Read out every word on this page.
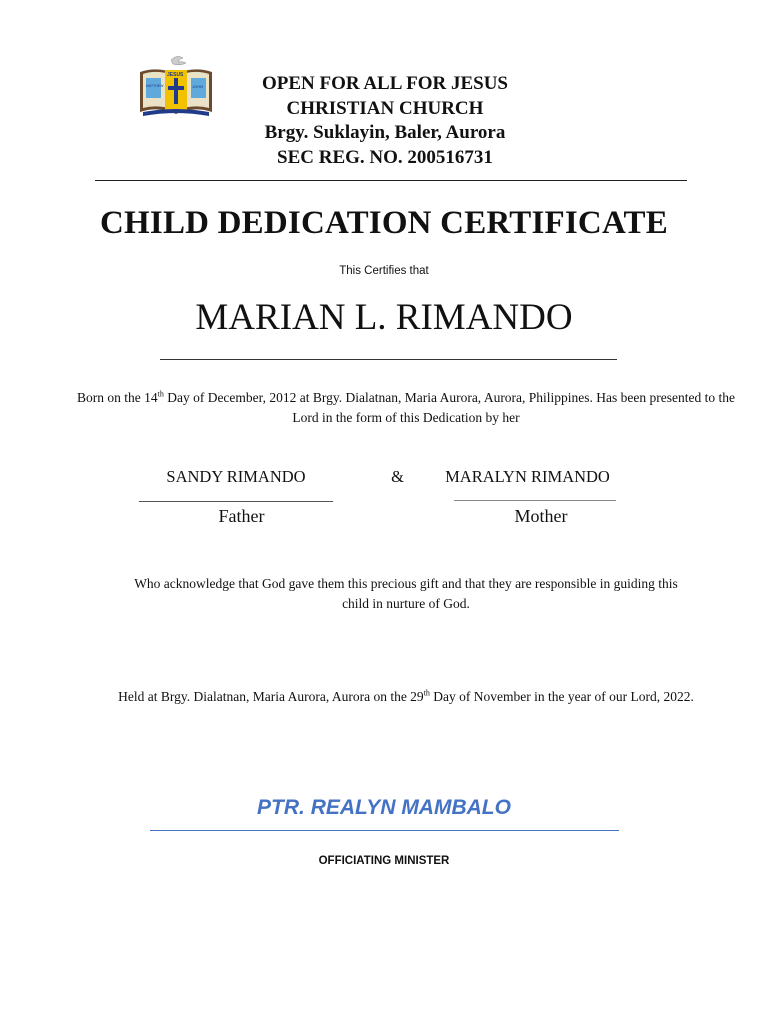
JESUS
MATTHEW	JOHN	OPEN FOR ALL FOR JESUS
CHRISTIAN CHURCH
Brgy. Suklayin, Baler, Aurora
SEC REG. NO. 200516731
CHILD DEDICATION CERTIFICATE
This Certifies that
MARIAN L. RIMANDO
Born on the 14th Day of December, 2012 at Brgy. Dialatnan, Maria Aurora, Aurora, Philippines. Has been presented to the Lord in the form of this Dedication by her
SANDY RIMANDO	&	MARALYN RIMANDO
Father	Mother
Who acknowledge that God gave them this precious gift and that they are responsible in guiding this child in nurture of God.
Held at Brgy. Dialatnan, Maria Aurora, Aurora on the 29th Day of November in the year of our Lord, 2022.
PTR. REALYN MAMBALO
OFFICIATING MINISTER
